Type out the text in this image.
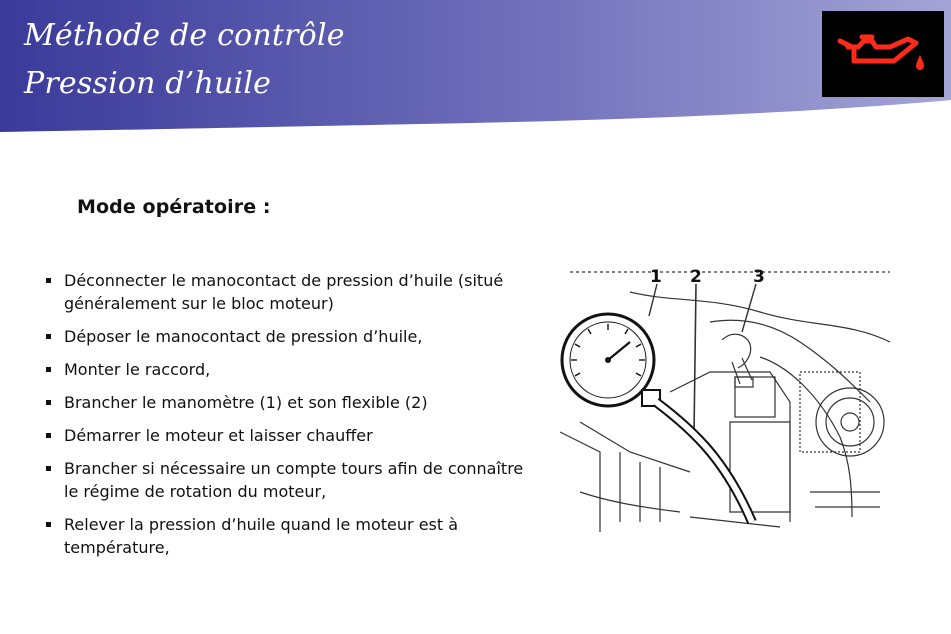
Méthode de contrôle
Pression d’huile
Mode opératoire :
Déconnecter le manocontact de pression d’huile (situé généralement sur le bloc moteur)
Déposer le manocontact de pression d’huile,
Monter le raccord,
Brancher le manomètre (1) et son flexible (2)
Démarrer le moteur et laisser chauffer
Brancher si nécessaire un compte tours afin de connaître le régime de rotation du moteur,
Relever la pression d’huile quand le moteur est à température,
1 2	3
